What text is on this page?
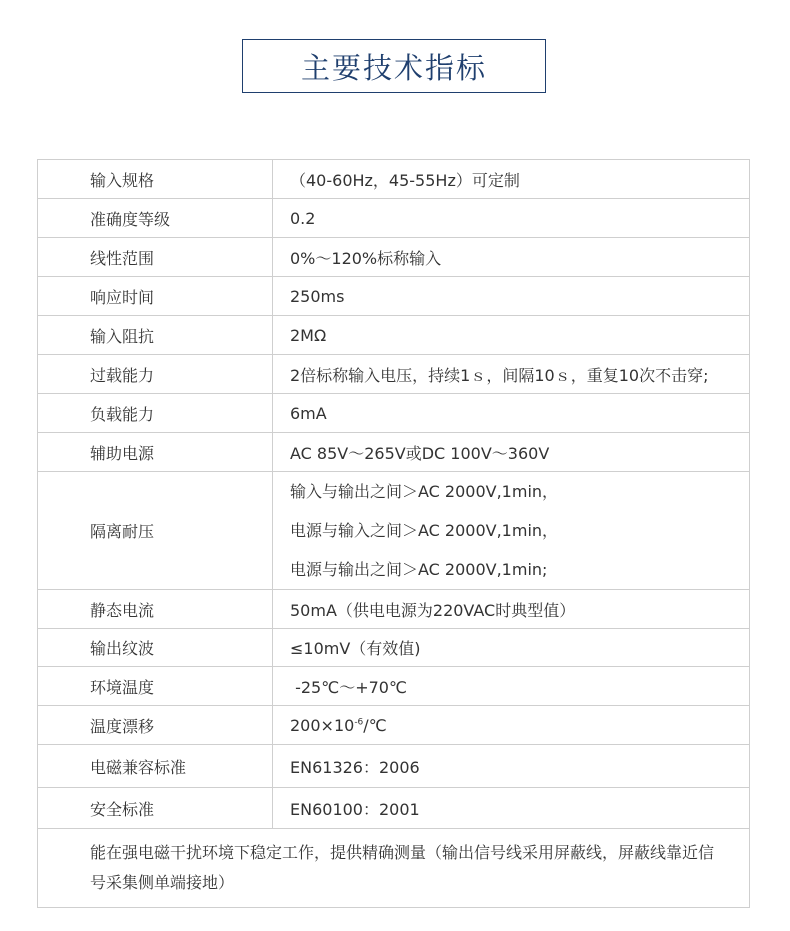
主要技术指标
输入规格	（40-60Hz，45-55Hz）可定制
准确度等级	0.2
线性范围	0%～120%标称输入
响应时间	250ms
输入阻抗	2MΩ
过载能力	2倍标称输入电压，持续1ｓ，间隔10ｓ，重复10次不击穿;
负载能力	6mA
辅助电源	AC 85V～265V或DC 100V～360V
隔离耐压	输入与输出之间＞AC 2000V,1min，
电源与输入之间＞AC 2000V,1min，
电源与输出之间＞AC 2000V,1min;

静态电流	50mA（供电电源为220VAC时典型值）
输出纹波	≤10mV（有效值)
环境温度	-25℃～+70℃
温度漂移	$200\times 10^{-6}/℃$
电磁兼容标准	EN61326：2006
安全标准	EN60100：2001
能在强电磁干扰环境下稳定工作，提供精确测量（输出信号线采用屏蔽线，屏蔽线靠近信号采集侧单端接地）	
